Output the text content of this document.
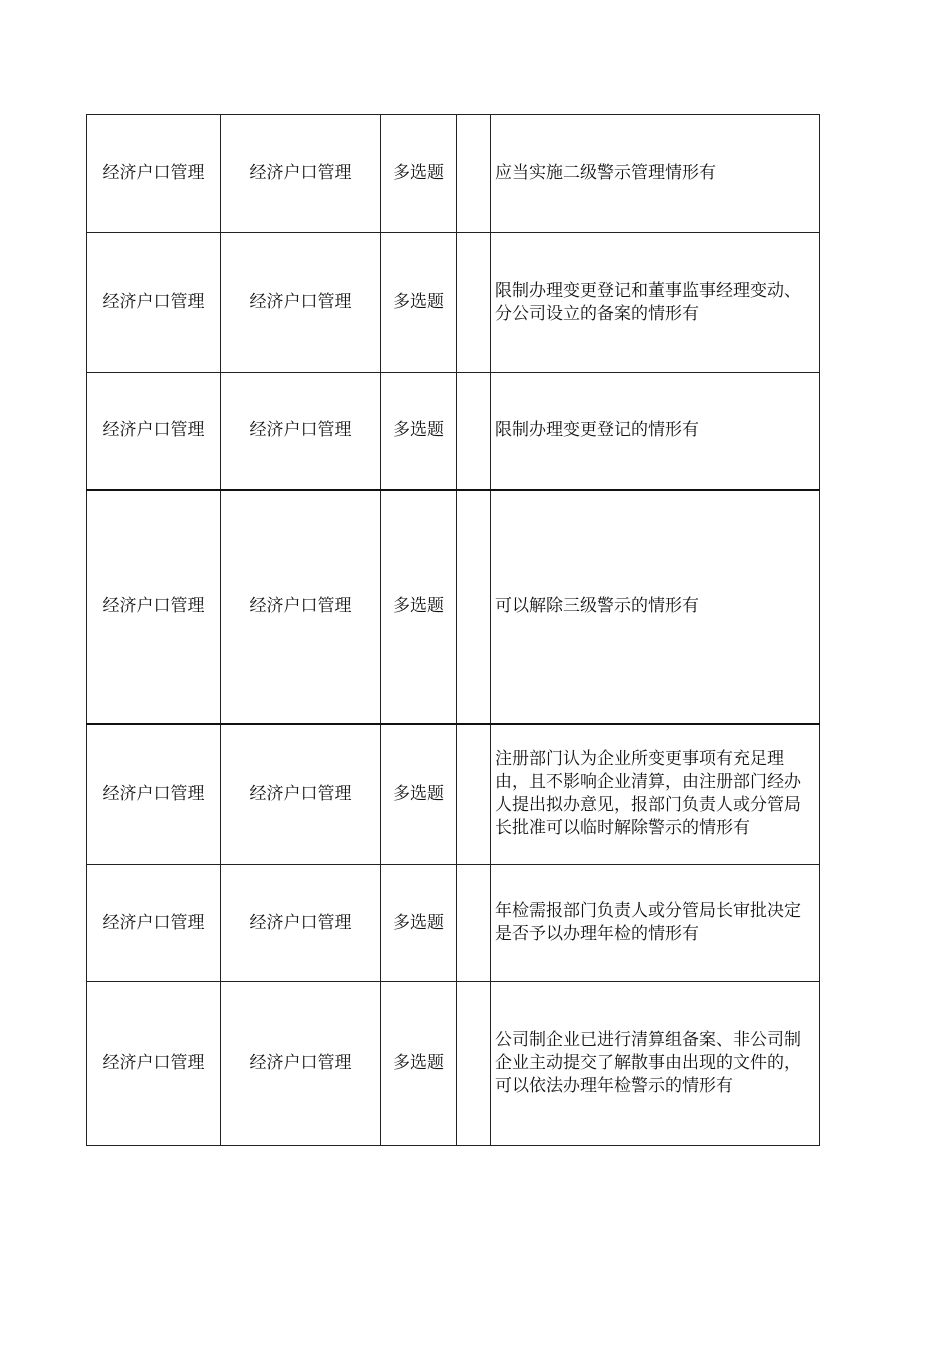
经济户口管理	经济户口管理	多选题		应当实施二级警示管理情形有
经济户口管理	经济户口管理	多选题		限制办理变更登记和董事监事经理变动、分公司设立的备案的情形有
经济户口管理	经济户口管理	多选题		限制办理变更登记的情形有
经济户口管理	经济户口管理	多选题		可以解除三级警示的情形有
经济户口管理	经济户口管理	多选题		注册部门认为企业所变更事项有充足理由，且不影响企业清算，由注册部门经办人提出拟办意见，报部门负责人或分管局长批准可以临时解除警示的情形有
经济户口管理	经济户口管理	多选题		年检需报部门负责人或分管局长审批决定是否予以办理年检的情形有
经济户口管理	经济户口管理	多选题		公司制企业已进行清算组备案、非公司制企业主动提交了解散事由出现的文件的，可以依法办理年检警示的情形有
